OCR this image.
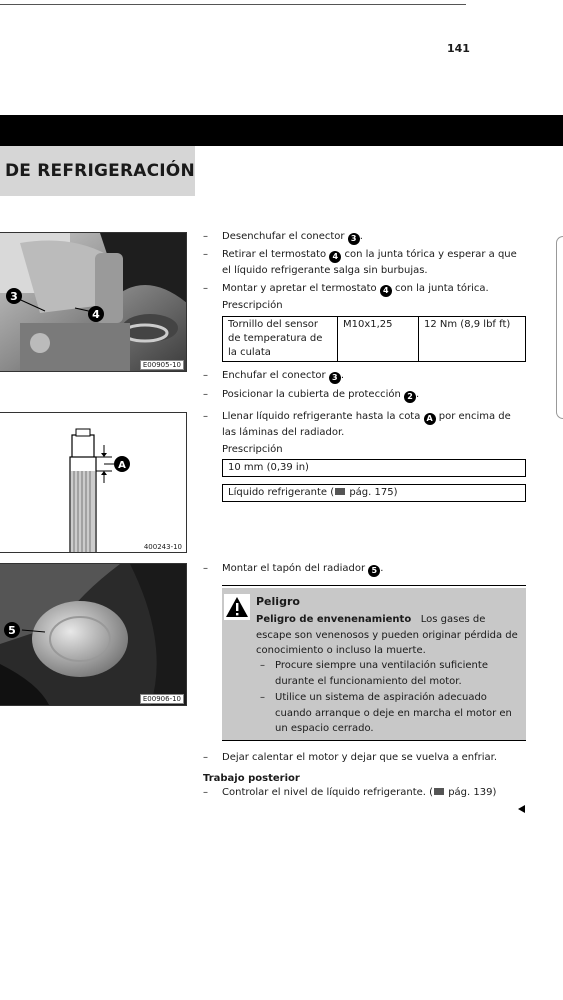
141
DE REFRIGERACIÓN
3
4
E00905-10
A
400243-10
5
E00906-10
– Desenchufar el conector 3 .
– Retirar el termostato 4 con la junta tórica y esperar a que el líquido refrigerante salga sin burbujas.
– Montar y apretar el termostato 4 con la junta tórica.
Prescripción
Tornillo del sensor de temperatura de la culata	M10x1,25	12 Nm (8,9 lbf ft)
– Enchufar el conector 3 .
– Posicionar la cubierta de protección 2 .
– Llenar líquido refrigerante hasta la cota A por encima de las láminas del radiador.
Prescripción
10 mm (0,39 in)
Líquido refrigerante ( pág. 175)
– Montar el tapón del radiador 5 .
Peligro
Peligro de envenenamiento Los gases de escape son venenosos y pueden originar pérdida de conocimiento o incluso la muerte.
– Procure siempre una ventilación suficiente durante el funcionamiento del motor.
– Utilice un sistema de aspiración adecuado cuando arranque o deje en marcha el motor en un espacio cerrado.
– Dejar calentar el motor y dejar que se vuelva a enfriar.
Trabajo posterior
– Controlar el nivel de líquido refrigerante. ( pág. 139)
